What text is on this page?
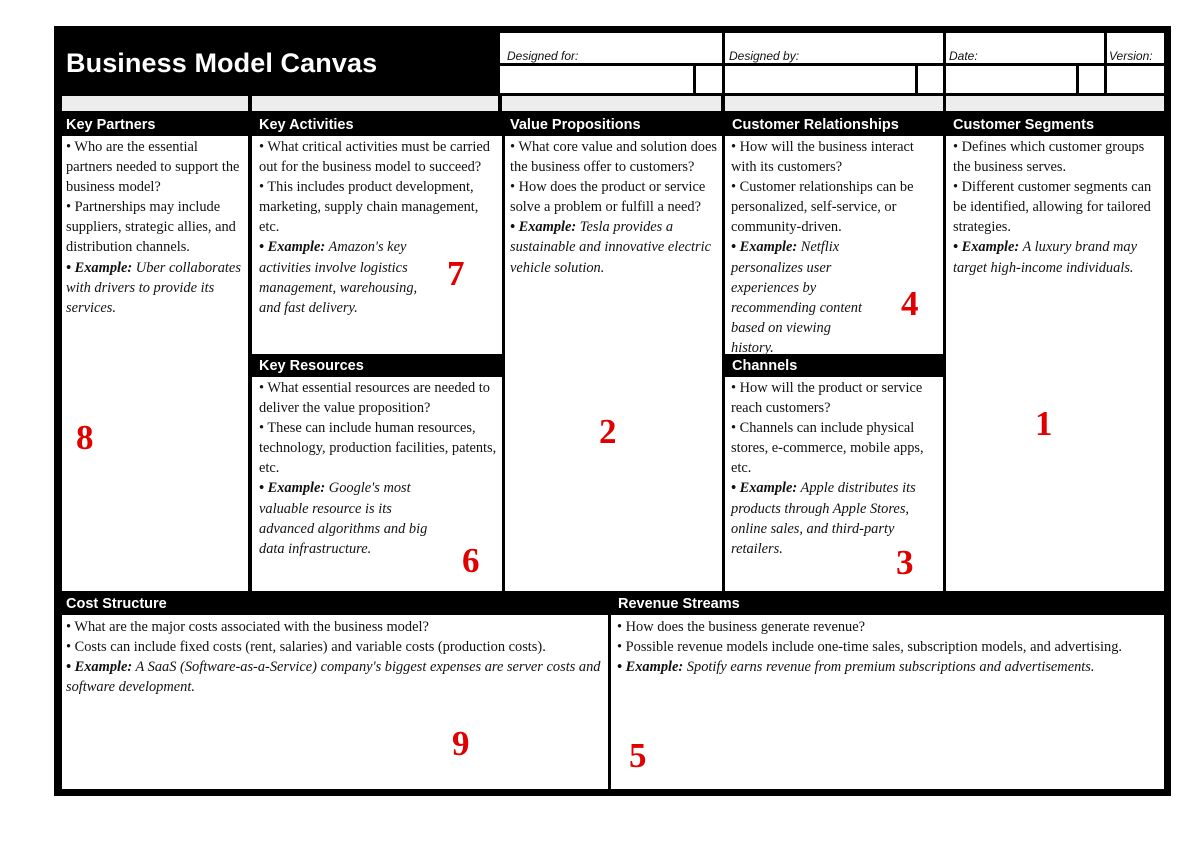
Business Model Canvas	Designed for:	Designed by:	Date:	Version:
Key Partners

• Who are the essential partners needed to support the business model?

• Partnerships may include suppliers, strategic allies, and distribution channels.

• Example: Uber collaborates with drivers to provide its services.

8
Key Activities

• What critical activities must be carried out for the business model to succeed?

• This includes product development, marketing, supply chain management, etc.

• Example: Amazon's key activities involve logistics management, warehousing, and fast delivery.

7
Key Resources

• What essential resources are needed to deliver the value proposition?

• These can include human resources, technology, production facilities, patents, etc.

• Example: Google's most valuable resource is its advanced algorithms and big data infrastructure.	6
Value Propositions

• What core value and solution does the business offer to customers?

• How does the product or service solve a problem or fulfill a need?

• Example: Tesla provides a sustainable and innovative electric vehicle solution.

2
Customer Relationships

• How will the business interact with its customers?

• Customer relationships can be personalized, self-service, or community-driven.

• Example: Netflix personalizes user experiences by recommending content based on viewing history.

4
Channels

• How will the product or service reach customers?

• Channels can include physical stores, e-commerce, mobile apps, etc.

• Example: Apple distributes its products through Apple Stores, online sales, and third-party retailers.	3
Customer Segments

• Defines which customer groups the business serves.

• Different customer segments can be identified, allowing for tailored strategies.

• Example: A luxury brand may target high-income individuals.

1
Cost Structure

• What are the major costs associated with the business model?

• Costs can include fixed costs (rent, salaries) and variable costs (production costs).

• Example: A SaaS (Software-as-a-Service) company's biggest expenses are server costs and software development.

9
Revenue Streams

• How does the business generate revenue?

• Possible revenue models include one-time sales, subscription models, and advertising.

• Example: Spotify earns revenue from premium subscriptions and advertisements.

5
